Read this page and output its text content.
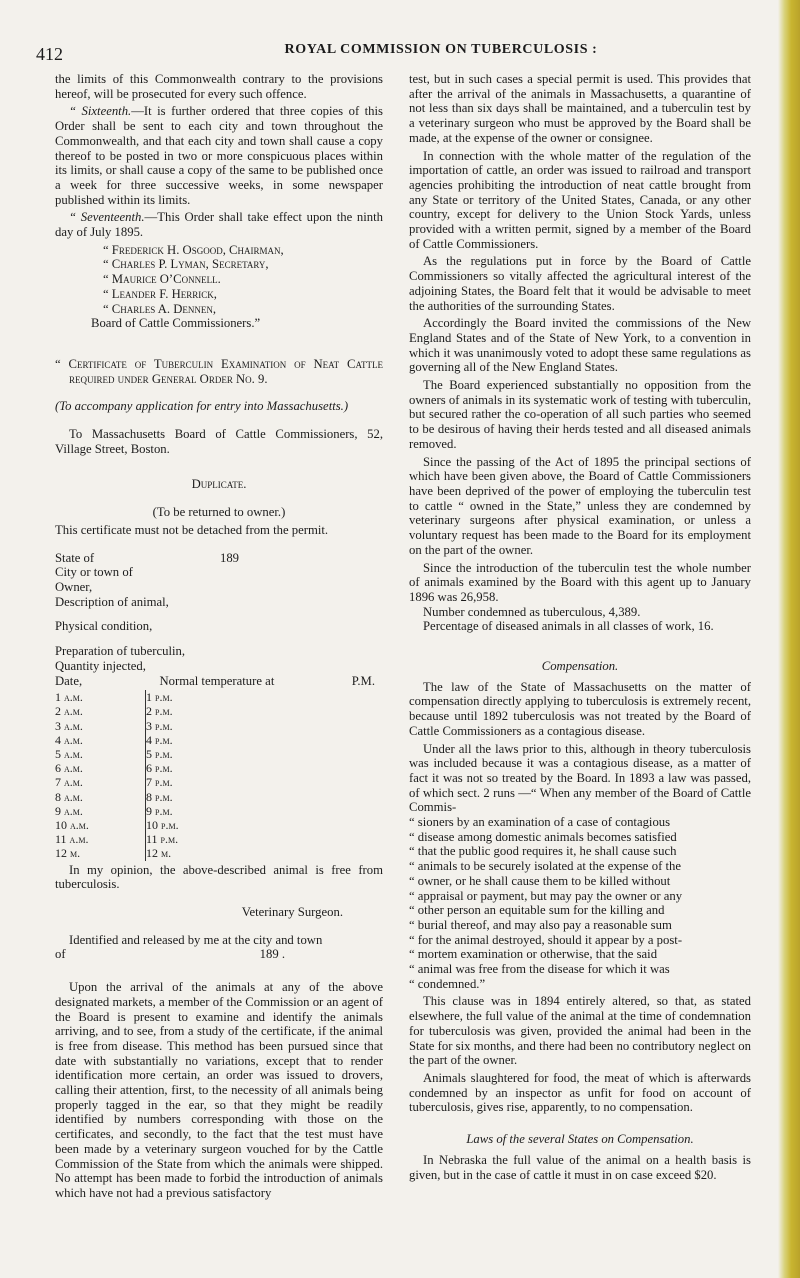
412	ROYAL COMMISSION ON TUBERCULOSIS :

the limits of this Commonwealth contrary to the provisions hereof, will be prosecuted for every such offence.

“ Sixteenth.—It is further ordered that three copies of this Order shall be sent to each city and town throughout the Commonwealth, and that each city and town shall cause a copy thereof to be posted in two or more conspicuous places within its limits, or shall cause a copy of the same to be published once a week for three successive weeks, in some newspaper published within its limits.

“ Seventeenth.—This Order shall take effect upon the ninth day of July 1895.

“ Frederick H. Osgood, Chairman,

“ Charles P. Lyman, Secretary,

“ Maurice O’Connell.

“ Leander F. Herrick,

“ Charles A. Dennen,

Board of Cattle Commissioners.”

“ Certificate of Tuberculin Examination of Neat Cattle required under General Order No. 9.

(To accompany application for entry into Massachusetts.)

To Massachusetts Board of Cattle Commissioners, 52, Village Street, Boston.

Duplicate.

(To be returned to owner.)

This certificate must not be detached from the permit.

State of	189

City or town of

Owner,

Description of animal,

Physical condition,

Preparation of tuberculin,

Quantity injected,

Date,	Normal temperature at	P.M.
1 a.m.	1 p.m.
2 a.m.	2 p.m.
3 a.m.	3 p.m.
4 a.m.	4 p.m.
5 a.m.	5 p.m.
6 a.m.	6 p.m.
7 a.m.	7 p.m.
8 a.m.	8 p.m.
9 a.m.	9 p.m.
10 a.m.	10 p.m.
11 a.m.	11 p.m.
12 m.	12 m.

In my opinion, the above-described animal is free from tuberculosis.

Veterinary Surgeon.

Identified and released by me at the city and town

of	189 .

Upon the arrival of the animals at any of the above designated markets, a member of the Commission or an agent of the Board is present to examine and identify the animals arriving, and to see, from a study of the certificate, if the animal is free from disease. This method has been pursued since that date with substantially no variations, except that to render identification more certain, an order was issued to drovers, calling their attention, first, to the necessity of all animals being properly tagged in the ear, so that they might be readily identified by numbers corresponding with those on the certificates, and secondly, to the fact that the test must have been made by a veterinary surgeon vouched for by the Cattle Commission of the State from which the animals were shipped. No attempt has been made to forbid the introduction of animals which have not had a previous satisfactory

test, but in such cases a special permit is used. This provides that after the arrival of the animals in Massachusetts, a quarantine of not less than six days shall be maintained, and a tuberculin test by a veterinary surgeon who must be approved by the Board shall be made, at the expense of the owner or consignee.

In connection with the whole matter of the regulation of the importation of cattle, an order was issued to railroad and transport agencies prohibiting the introduction of neat cattle brought from any State or territory of the United States, Canada, or any other country, except for delivery to the Union Stock Yards, unless provided with a written permit, signed by a member of the Board of Cattle Commissioners.

As the regulations put in force by the Board of Cattle Commissioners so vitally affected the agricultural interest of the adjoining States, the Board felt that it would be advisable to meet the authorities of the surrounding States.

Accordingly the Board invited the commissions of the New England States and of the State of New York, to a convention in which it was unanimously voted to adopt these same regulations as governing all of the New England States.

The Board experienced substantially no opposition from the owners of animals in its systematic work of testing with tuberculin, but secured rather the co-operation of all such parties who seemed to be desirous of having their herds tested and all diseased animals removed.

Since the passing of the Act of 1895 the principal sections of which have been given above, the Board of Cattle Commissioners have been deprived of the power of employing the tuberculin test to cattle “ owned in the State,” unless they are condemned by veterinary surgeons after physical examination, or unless a voluntary request has been made to the Board for its employment on the part of the owner.

Since the introduction of the tuberculin test the whole number of animals examined by the Board with this agent up to January 1896 was 26,958.

Number condemned as tuberculous, 4,389.

Percentage of diseased animals in all classes of work, 16.

Compensation.

The law of the State of Massachusetts on the matter of compensation directly applying to tuberculosis is extremely recent, because until 1892 tuberculosis was not treated by the Board of Cattle Commissioners as a contagious disease.

Under all the laws prior to this, although in theory tuberculosis was included because it was a contagious disease, as a matter of fact it was not so treated by the Board. In 1893 a law was passed, of which sect. 2 runs —“ When any member of the Board of Cattle Commis-

“ sioners by an examination of a case of contagious

“ disease among domestic animals becomes satisfied

“ that the public good requires it, he shall cause such

“ animals to be securely isolated at the expense of the

“ owner, or he shall cause them to be killed without

“ appraisal or payment, but may pay the owner or any

“ other person an equitable sum for the killing and

“ burial thereof, and may also pay a reasonable sum

“ for the animal destroyed, should it appear by a post-

“ mortem examination or otherwise, that the said

“ animal was free from the disease for which it was

“ condemned.”

This clause was in 1894 entirely altered, so that, as stated elsewhere, the full value of the animal at the time of condemnation for tuberculosis was given, provided the animal had been in the State for six months, and there had been no contributory neglect on the part of the owner.

Animals slaughtered for food, the meat of which is afterwards condemned by an inspector as unfit for food on account of tuberculosis, gives rise, apparently, to no compensation.

Laws of the several States on Compensation.

In Nebraska the full value of the animal on a health basis is given, but in the case of cattle it must in on case exceed $20.
